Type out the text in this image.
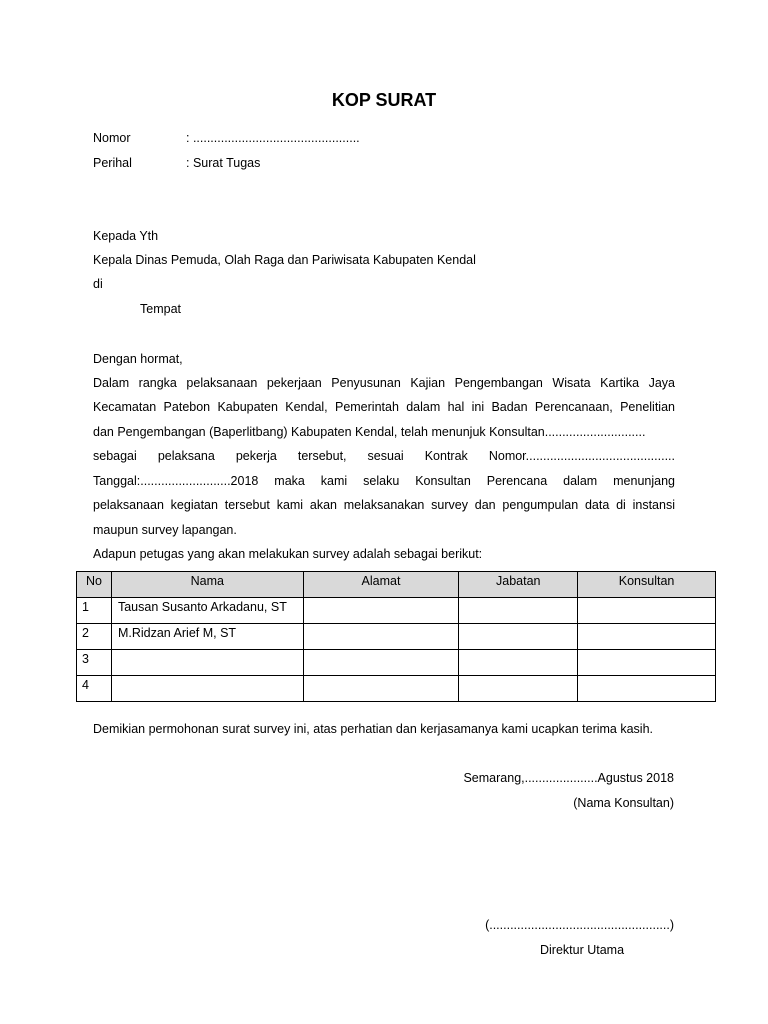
KOP SURAT
Nomor	: ................................................
Perihal	: Surat Tugas
Kepada Yth
Kepala Dinas Pemuda, Olah Raga dan Pariwisata Kabupaten Kendal
di
Tempat
Dengan hormat,
Dalam rangka pelaksanaan pekerjaan Penyusunan Kajian Pengembangan Wisata Kartika Jaya
Kecamatan Patebon Kabupaten Kendal, Pemerintah dalam hal ini Badan Perencanaan, Penelitian
dan Pengembangan (Baperlitbang) Kabupaten Kendal, telah menunjuk Konsultan.............................
sebagai pelaksana pekerja tersebut, sesuai Kontrak Nomor...........................................
Tanggal:..........................2018 maka kami selaku Konsultan Perencana dalam menunjang
pelaksanaan kegiatan tersebut kami akan melaksanakan survey dan pengumpulan data di instansi
maupun survey lapangan.
Adapun petugas yang akan melakukan survey adalah sebagai berikut:
No	Nama	Alamat	Jabatan	Konsultan
1	Tausan Susanto Arkadanu, ST			
2	M.Ridzan Arief M, ST			
3				
4				
Demikian permohonan surat survey ini, atas perhatian dan kerjasamanya kami ucapkan terima kasih.
Semarang,.....................Agustus 2018
(Nama Konsultan)
(....................................................)
Direktur Utama
